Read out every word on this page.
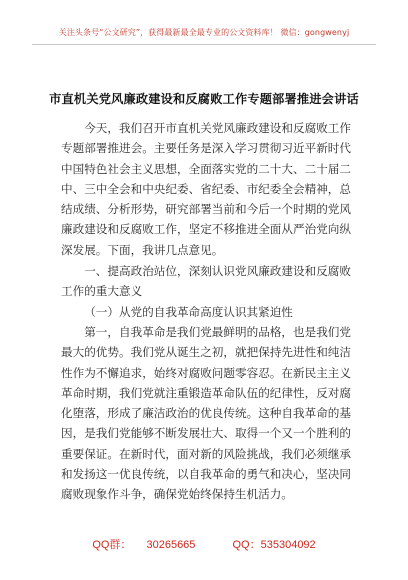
关注头条号“公文研究”，获得最新最全最专业的公文资料库！ 微信：gongwenyj
市直机关党风廉政建设和反腐败工作专题部署推进会讲话

今天，我们召开市直机关党风廉政建设和反腐败工作专题部署推进会。主要任务是深入学习贯彻习近平新时代中国特色社会主义思想，全面落实党的二十大、二十届二中、三中全会和中央纪委、省纪委、市纪委全会精神，总结成绩、分析形势，研究部署当前和今后一个时期的党风廉政建设和反腐败工作，坚定不移推进全面从严治党向纵深发展。下面，我讲几点意见。

一、提高政治站位，深刻认识党风廉政建设和反腐败工作的重大意义

（一）从党的自我革命高度认识其紧迫性

第一，自我革命是我们党最鲜明的品格，也是我们党最大的优势。我们党从诞生之初，就把保持先进性和纯洁性作为不懈追求，始终对腐败问题零容忍。在新民主主义革命时期，我们党就注重锻造革命队伍的纪律性，反对腐化堕落，形成了廉洁政治的优良传统。这种自我革命的基因，是我们党能够不断发展壮大、取得一个又一个胜利的重要保证。在新时代，面对新的风险挑战，我们必须继承和发扬这一优良传统，以自我革命的勇气和决心，坚决同腐败现象作斗争，确保党始终保持生机活力。

QQ群： 30265665	QQ：535304092
